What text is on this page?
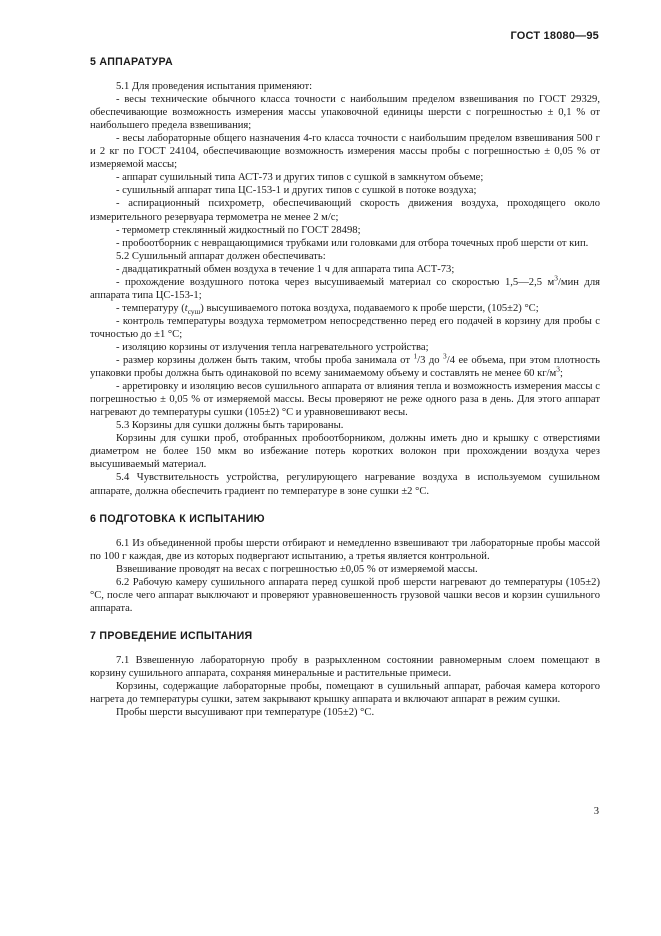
ГОСТ 18080—95
5 АППАРАТУРА

5.1 Для проведения испытания применяют:

- весы технические обычного класса точности с наибольшим пределом взвешивания по ГОСТ 29329, обеспечивающие возможность измерения массы упаковочной единицы шерсти с погрешностью ± 0,1 % от наибольшего предела взвешивания;

- весы лабораторные общего назначения 4-го класса точности с наибольшим пределом взвешивания 500 г и 2 кг по ГОСТ 24104, обеспечивающие возможность измерения массы пробы с погрешностью ± 0,05 % от измеряемой массы;

- аппарат сушильный типа АСТ-73 и других типов с сушкой в замкнутом объеме;

- сушильный аппарат типа ЦС-153-1 и других типов с сушкой в потоке воздуха;

- аспирационный психрометр, обеспечивающий скорость движения воздуха, проходящего около измерительного резервуара термометра не менее 2 м/с;

- термометр стеклянный жидкостный по ГОСТ 28498;

- пробоотборник с невращающимися трубками или головками для отбора точечных проб шерсти от кип.

5.2 Сушильный аппарат должен обеспечивать:

- двадцатикратный обмен воздуха в течение 1 ч для аппарата типа АСТ-73;

- прохождение воздушного потока через высушиваемый материал со скоростью 1,5—2,5 $м^3$/мин для аппарата типа ЦС-153-1;

- температуру $(t_{суш})$ высушиваемого потока воздуха, подаваемого к пробе шерсти, (105±2) °С;

- контроль температуры воздуха термометром непосредственно перед его подачей в корзину для пробы с точностью до ±1 °С;

- изоляцию корзины от излучения тепла нагревательного устройства;

- размер корзины должен быть таким, чтобы проба занимала от $^1$/3 до $^3$/4 ее объема, при этом плотность упаковки пробы должна быть одинаковой по всему занимаемому объему и составлять не менее 60 $кг/м^3$;

- арретировку и изоляцию весов сушильного аппарата от влияния тепла и возможность измерения массы с погрешностью ± 0,05 % от измеряемой массы. Весы проверяют не реже одного раза в день. Для этого аппарат нагревают до температуры сушки (105±2) °С и уравновешивают весы.

5.3 Корзины для сушки должны быть тарированы.

Корзины для сушки проб, отобранных пробоотборником, должны иметь дно и крышку с отверстиями диаметром не более 150 мкм во избежание потерь коротких волокон при прохождении воздуха через высушиваемый материал.

5.4 Чувствительность устройства, регулирующего нагревание воздуха в используемом сушильном аппарате, должна обеспечить градиент по температуре в зоне сушки ±2 °С.

6 ПОДГОТОВКА К ИСПЫТАНИЮ

6.1 Из объединенной пробы шерсти отбирают и немедленно взвешивают три лабораторные пробы массой по 100 г каждая, две из которых подвергают испытанию, а третья является контрольной.

Взвешивание проводят на весах с погрешностью ±0,05 % от измеряемой массы.

6.2 Рабочую камеру сушильного аппарата перед сушкой проб шерсти нагревают до температуры (105±2) °С, после чего аппарат выключают и проверяют уравновешенность грузовой чашки весов и корзин сушильного аппарата.

7 ПРОВЕДЕНИЕ ИСПЫТАНИЯ

7.1 Взвешенную лабораторную пробу в разрыхленном состоянии равномерным слоем помещают в корзину сушильного аппарата, сохраняя минеральные и растительные примеси.

Корзины, содержащие лабораторные пробы, помещают в сушильный аппарат, рабочая камера которого нагрета до температуры сушки, затем закрывают крышку аппарата и включают аппарат в режим сушки.

Пробы шерсти высушивают при температуре (105±2) °С.

3
